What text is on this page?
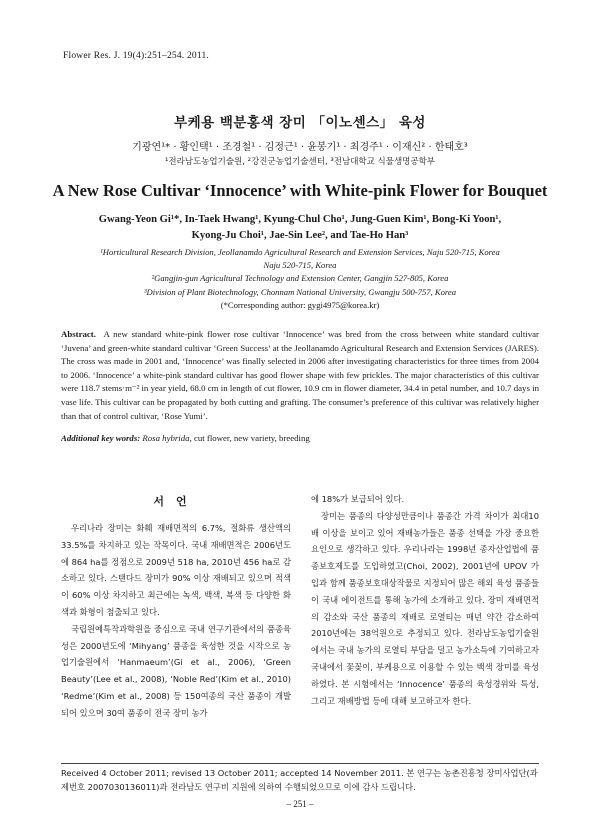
Flower Res. J. 19(4):251–254. 2011.
부케용 백분홍색 장미 「이노센스」 육성
기광연¹* · 황인택¹ · 조경철¹ · 김정근¹ · 윤봉기¹ · 최경주¹ · 이재신² · 한태호³
¹전라남도농업기술원, ²강진군농업기술센터, ³전남대학교 식물생명공학부
A New Rose Cultivar ‘Innocence’ with White-pink Flower for Bouquet
Gwang-Yeon Gi¹*, In-Taek Hwang¹, Kyung-Chul Cho¹, Jung-Guen Kim¹, Bong-Ki Yoon¹,
Kyong-Ju Choi¹, Jae-Sin Lee², and Tae-Ho Han³
¹Horticultural Research Division, Jeollanamdo Agricultural Research and Extension Services, Naju 520-715, Korea
Naju 520-715, Korea
²Gangjin-gun Agricultural Technology and Extension Center, Gangjin 527-805, Korea
³Division of Plant Biotechnology, Chonnam National University, Gwangju 500-757, Korea
(*Corresponding author: gygi4975@korea.kr)
Abstract. A new standard white-pink flower rose cultivar ‘Innocence’ was bred from the cross between white standard cultivar ‘Juvena’ and green-white standard cultivar ‘Green Success’ at the Jeollanamdo Agricultural Research and Extension Services (JARES). The cross was made in 2001 and, ‘Innocence’ was finally selected in 2006 after investigating characteristics for three times from 2004 to 2006. ‘Innocence’ a white-pink standard cultivar has good flower shape with few prickles. The major characteristics of this cultivar were 118.7 stems·m⁻² in year yield, 68.0 cm in length of cut flower, 10.9 cm in flower diameter, 34.4 in petal number, and 10.7 days in vase life. This cultivar can be propagated by both cutting and grafting. The consumer’s preference of this cultivar was relatively higher than that of control cultivar, ‘Rose Yumi’.
Additional key words: Rosa hybrida, cut flower, new variety, breeding
서언

우리나라 장미는 화훼 재배면적의 6.7%, 절화류 생산액의 33.5%를 차지하고 있는 작목이다. 국내 재배면적은 2006년도에 864 ha를 정점으로 2009년 518 ha, 2010년 456 ha로 감소하고 있다. 스탠다드 장미가 90% 이상 재배되고 있으며 적색이 60% 이상 차지하고 최근에는 녹색, 백색, 복색 등 다양한 화색과 화형이 첨출되고 있다.

국립원예특작과학원을 중심으로 국내 연구기관에서의 품종육성은 2000년도에 ‘Mihyang’ 품종을 육성한 것을 시작으로 농업기술원에서 ‘Hanmaeum’(Gi et al., 2006), ‘Green Beauty’(Lee et al., 2008), ‘Noble Red’(Kim et al., 2010) ‘Redme’(Kim et al., 2008) 등 150여종의 국산 품종이 개발되어 있으며 30여 품종이 전국 장미 농가

에 18%가 보급되어 있다.

장미는 품종의 다양성만큼이나 품종간 가격 차이가 최대10배 이상을 보이고 있어 재배농가들은 품종 선택을 가장 중요한 요인으로 생각하고 있다. 우리나라는 1998년 종자산업법에 품종보호제도를 도입하였고(Choi, 2002), 2001년에 UPOV 가입과 함께 품종보호대상작물로 지정되어 많은 해외 육성 품종들이 국내 에이전트를 통해 농가에 소개하고 있다. 장미 재배면적의 감소와 국산 품종의 재배로 로열티는 매년 약간 감소하여 2010년에는 38억원으로 추정되고 있다. 전라남도농업기술원에서는 국내 농가의 로열티 부담을 덜고 농가소득에 기여하고자 국내에서 꽃꽂이, 부케용으로 이용할 수 있는 백색 장미를 육성하였다. 본 시험에서는 ‘Innocence’ 품종의 육성경위와 특성, 그리고 재배방법 등에 대해 보고하고자 한다.

Received 4 October 2011; revised 13 October 2011; accepted 14 November 2011. 본 연구는 농촌진흥청 장미사업단(과제번호 2007030136011)과 전라남도 연구비 지원에 의하여 수행되었으므로 이에 감사 드립니다.
– 251 –
